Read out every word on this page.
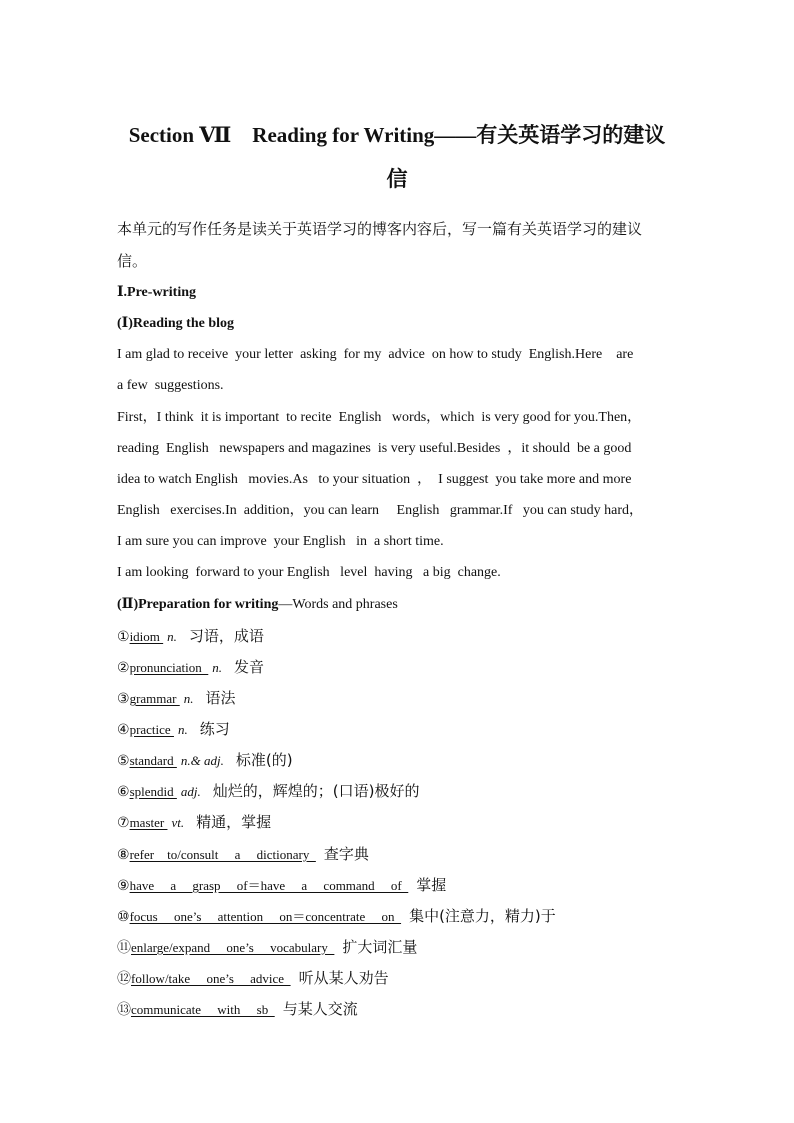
Section Ⅶ　Reading for Writing——有关英语学习的建议
信
本单元的写作任务是读关于英语学习的博客内容后，写一篇有关英语学习的建议
信。
Ⅰ.Pre-writing
(Ⅰ)Reading the blog
I am glad to receive  your letter  asking  for my  advice  on how to study  English.Here    are
a few  suggestions.
First，I think  it is important  to recite  English   words，which  is very good for you.Then，
reading  English   newspapers and magazines  is very useful.Besides  ，it should  be a good
idea to watch English   movies.As   to your situation  ，  I suggest  you take more and more
English   exercises.In  addition，you can learn     English   grammar.If   you can study hard，
I am sure you can improve  your English   in  a short time.
I am looking  forward to your English   level  having   a big  change.
(Ⅱ)Preparation for writing—Words and phrases
①idiom n. 习语，成语
②pronunciation  n. 发音
③grammar n. 语法
④practice n. 练习
⑤standard n.& adj. 标准(的)
⑥splendid adj. 灿烂的，辉煌的；(口语)极好的
⑦master vt. 精通，掌握
⑧refer    to/consult     a     dictionary  查字典
⑨have     a     grasp     of＝have     a     command     of  掌握
⑩focus     one’s     attention     on＝concentrate     on  集中(注意力，精力)于
⑪enlarge/expand     one’s     vocabulary  扩大词汇量
⑫follow/take     one’s     advice  听从某人劝告
⑬communicate     with     sb  与某人交流
